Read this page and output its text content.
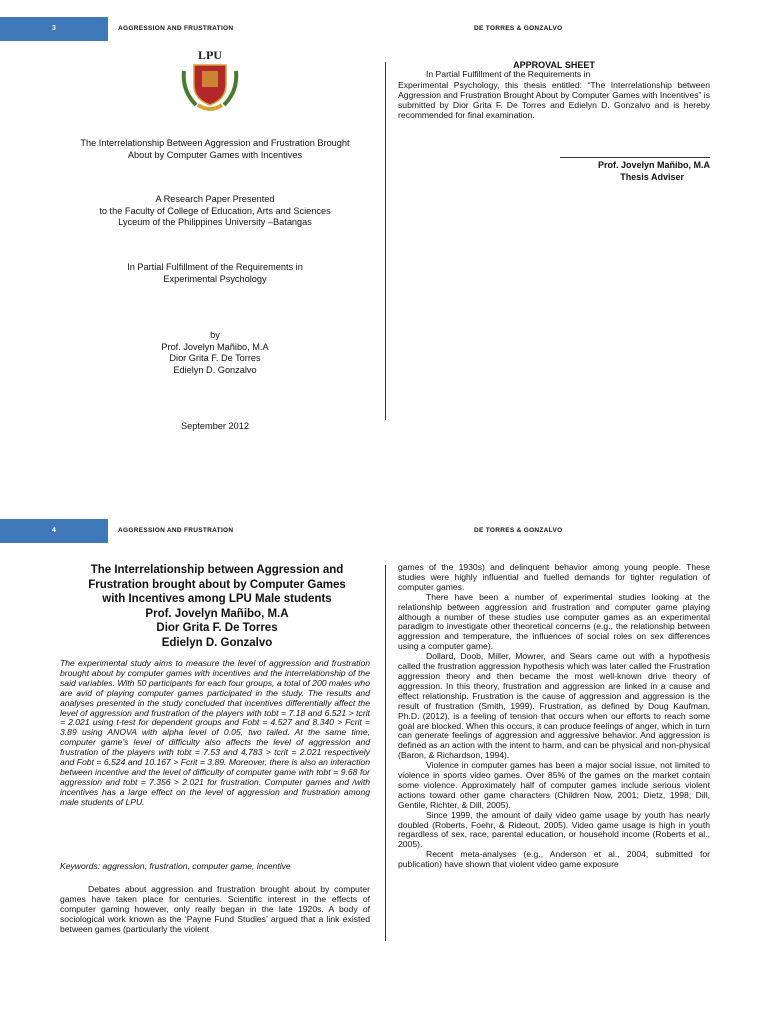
3	AGGRESSION AND FRUSTRATION	DE TORRES & GONZALVO
LPU
The Interrelationship Between Aggression and Frustration Brought
About by Computer Games with Incentives
A Research Paper Presented
to the Faculty of College of Education, Arts and Sciences
Lyceum of the Philippines University –Batangas
In Partial Fulfillment of the Requirements in
Experimental Psychology
by
Prof. Jovelyn Mañibo, M.A
Dior Grita F. De Torres
Edielyn D. Gonzalvo
September 2012
APPROVAL SHEET
In Partial Fulfillment of the Requirements in
Experimental Psychology, this thesis entitled: “The Interrelationship between Aggression and Frustration Brought About by Computer Games with Incentives” is submitted by Dior Grita F. De Torres and Edielyn D. Gonzalvo and is hereby recommended for final examination.
Prof. Jovelyn Mañibo, M.A
Thesis Adviser
4	AGGRESSION AND FRUSTRATION	DE TORRES & GONZALVO
The Interrelationship between Aggression and
Frustration brought about by Computer Games
with Incentives among LPU Male students
Prof. Jovelyn Mañibo, M.A
Dior Grita F. De Torres
Edielyn D. Gonzalvo
The experimental study aims to measure the level of aggression and frustration brought about by computer games with incentives and the interrelationship of the said variables. With 50 participants for each four groups, a total of 200 males who are avid of playing computer games participated in the study. The results and analyses presented in the study concluded that incentives differentially affect the level of aggression and frustration of the players with tobt = 7.18 and 6.521 > tcrit = 2.021 using t-test for dependent groups and Fobt = 4.527 and 8.340 > Fcrit = 3.89 using ANOVA with alpha level of 0.05, two tailed. At the same time, computer game's level of difficulty also affects the level of aggression and frustration of the players with tobt = 7.53 and 4.783 > tcrit = 2.021 respectively and Fobt = 6.524 and 10.167 > Fcrit = 3.89. Moreover, there is also an interaction between incentive and the level of difficulty of computer game with tobt = 9.68 for aggression and tobt = 7.356 > 2.021 for frustration. Computer games and /with incentives has a large effect on the level of aggression and frustration among male students of LPU.
Keywords: aggression, frustration, computer game, incentive
Debates about aggression and frustration brought about by computer games have taken place for centuries. Scientific interest in the effects of computer gaming however, only really began in the late 1920s. A body of sociological work known as the ‘Payne Fund Studies’ argued that a link existed between games (particularly the violent

games of the 1930s) and delinquent behavior among young people. These studies were highly influential and fuelled demands for tighter regulation of computer games.

There have been a number of experimental studies looking at the relationship between aggression and frustration and computer game playing although a number of these studies use computer games as an experimental paradigm to investigate other theoretical concerns (e.g., the relationship between aggression and temperature, the influences of social roles on sex differences using a computer game).

Dollard, Doob, Miller, Mowrer, and Sears came out with a hypothesis called the frustration aggression hypothesis which was later called the Frustration aggression theory and then became the most well-known drive theory of aggression. In this theory, frustration and aggression are linked in a cause and effect relationship. Frustration is the cause of aggression and aggression is the result of frustration (Smith, 1999). Frustration, as defined by Doug Kaufman, Ph.D. (2012), is a feeling of tension that occurs when our efforts to reach some goal are blocked. When this occurs, it can produce feelings of anger, which in turn can generate feelings of aggression and aggressive behavior. And aggression is defined as an action with the intent to harm, and can be physical and non-physical (Baron, & Richardson, 1994).

Violence in computer games has been a major social issue, not limited to violence in sports video games. Over 85% of the games on the market contain some violence. Approximately half of computer games include serious violent actions toward other game characters (Children Now, 2001; Dietz, 1998; Dill, Gentile, Richter, & Dill, 2005).

Since 1999, the amount of daily video game usage by youth has nearly doubled (Roberts, Foehr, & Rideout, 2005). Video game usage is high in youth regardless of sex, race, parental education, or household income (Roberts et al., 2005).

Recent meta-analyses (e.g., Anderson et al., 2004, submitted for publication) have shown that violent video game exposure
